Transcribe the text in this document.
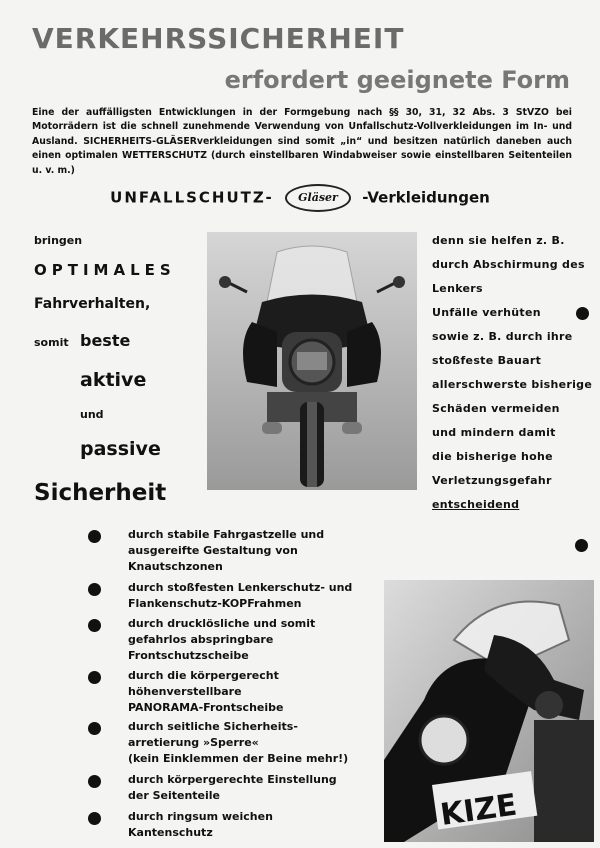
VERKEHRSSICHERHEIT
erfordert geeignete Form

Eine der auffälligsten Entwicklungen in der Formgebung nach §§ 30, 31, 32 Abs. 3 StVZO bei Motorrädern ist die schnell zunehmende Verwendung von Unfallschutz-Vollverkleidungen im In- und Ausland. SICHERHEITS-GLÄSERverkleidungen sind somit „in“ und besitzen natürlich daneben auch einen optimalen WETTERSCHUTZ (durch einstellbaren Windabweiser sowie einstellbaren Seitenteilen u. v. m.)

UNFALLSCHUTZ- Gläser -Verkleidungen

bringen

OPTIMALES

Fahrverhalten,

somit beste

aktive

und

passive

Sicherheit

denn sie helfen z. B.

durch Abschirmung des

Lenkers

Unfälle verhüten

sowie z. B. durch ihre

stoßfeste Bauart

allerschwerste bisherige

Schäden vermeiden

und mindern damit

die bisherige hohe

Verletzungsgefahr

entscheidend

durch stabile Fahrgastzelle und
ausgereifte Gestaltung von
Knautschzonen

durch stoßfesten Lenkerschutz- und
Flankenschutz-KOPFrahmen

durch drucklösliche und somit
gefahrlos abspringbare
Frontschutzscheibe

durch die körpergerecht
höhenverstellbare
PANORAMA-Frontscheibe

durch seitliche Sicherheits-
arretierung »Sperre«
(kein Einklemmen der Beine mehr!)

durch körpergerechte Einstellung
der Seitenteile

durch ringsum weichen
Kantenschutz	KIZE
